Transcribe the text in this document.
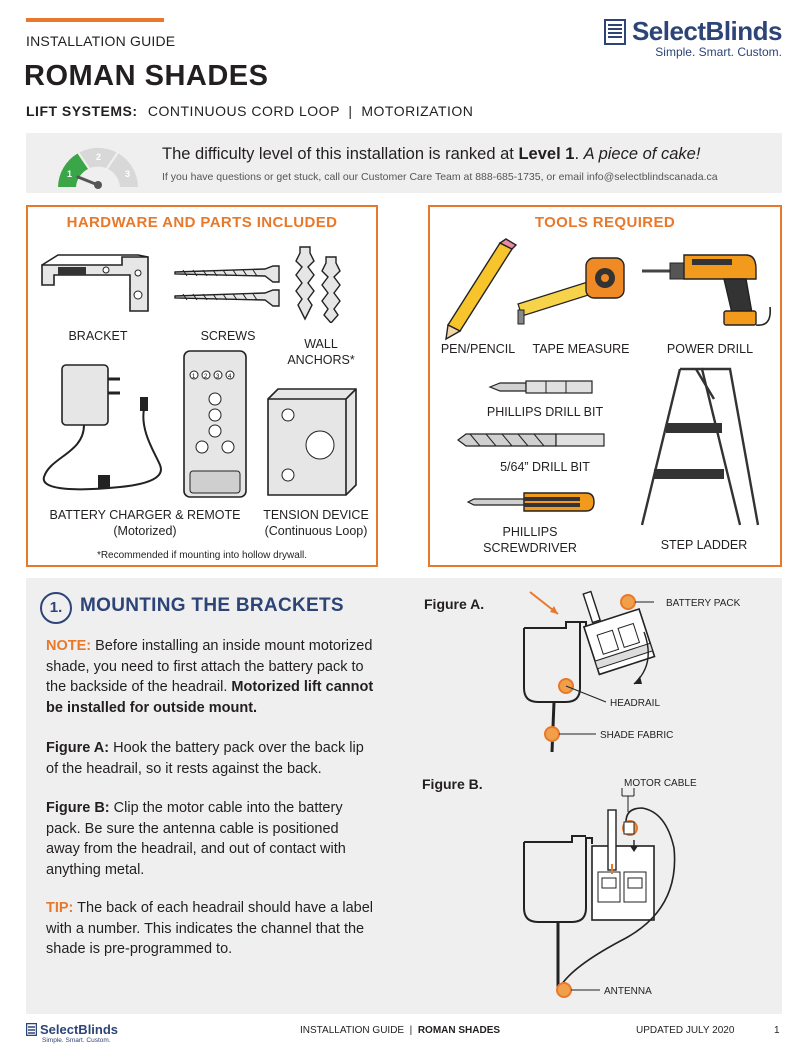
INSTALLATION GUIDE
ROMAN SHADES
LIFT SYSTEMS: CONTINUOUS CORD LOOP  |  MOTORIZATION
SelectBlinds
Simple. Smart. Custom.
1
2
3
The difficulty level of this installation is ranked at Level 1. A piece of cake!
If you have questions or get stuck, call our Customer Care Team at 888-685-1735, or email info@selectblindscanada.ca
HARDWARE AND PARTS INCLUDED
BRACKET	SCREWS
WALL ANCHORS*
1 2 3 4
BATTERY CHARGER & REMOTE
(Motorized)
TENSION DEVICE
(Continuous Loop)
*Recommended if mounting into hollow drywall.
TOOLS REQUIRED
PEN/PENCIL	TAPE MEASURE	POWER DRILL
PHILLIPS DRILL BIT
5/64” DRILL BIT
PHILLIPS SCREWDRIVER	STEP LADDER
1. MOUNTING THE BRACKETS
NOTE: Before installing an inside mount motorized shade, you need to first attach the battery pack to the backside of the headrail. Motorized lift cannot be installed for outside mount.
Figure A: Hook the battery pack over the back lip of the headrail, so it rests against the back.
Figure B: Clip the motor cable into the battery pack. Be sure the antenna cable is positioned away from the headrail, and out of contact with anything metal.
TIP: The back of each headrail should have a label with a number. This indicates the channel that the shade is pre-programmed to.
Figure A.	BATTERY PACK
HEADRAIL
SHADE FABRIC
Figure B.	MOTOR CABLE
ANTENNA
SelectBlinds
Simple. Smart. Custom.
INSTALLATION GUIDE  |  ROMAN SHADES	UPDATED JULY 2020	1
